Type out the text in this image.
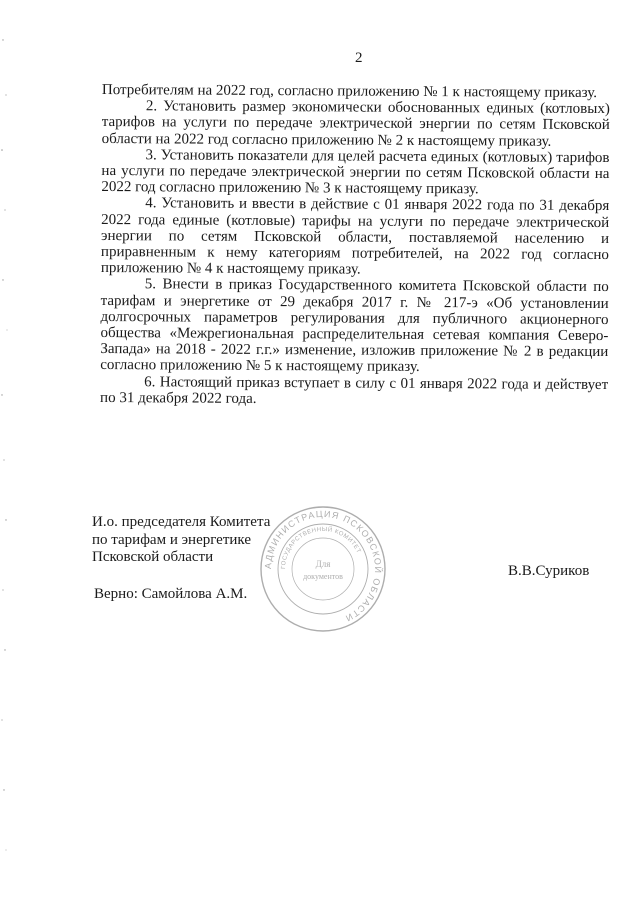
2

Потребителям на 2022 год, согласно приложению № 1 к настоящему приказу.

2. Установить размер экономически обоснованных единых (котловых) тарифов на услуги по передаче электрической энергии по сетям Псковской области на 2022 год согласно приложению № 2 к настоящему приказу.

3. Установить показатели для целей расчета единых (котловых) тарифов на услуги по передаче электрической энергии по сетям Псковской области на 2022 год согласно приложению № 3 к настоящему приказу.

4. Установить и ввести в действие с 01 января 2022 года по 31 декабря 2022 года единые (котловые) тарифы на услуги по передаче электрической энергии по сетям Псковской области, поставляемой населению и приравненным к нему категориям потребителей, на 2022 год согласно приложению № 4 к настоящему приказу.

5. Внести в приказ Государственного комитета Псковской области по тарифам и энергетике от 29 декабря 2017 г. № 217-э «Об установлении долгосрочных параметров регулирования для публичного акционерного общества «Межрегиональная распределительная сетевая компания Северо-Запада» на 2018 - 2022 г.г.» изменение, изложив приложение № 2 в редакции согласно приложению № 5 к настоящему приказу.

6. Настоящий приказ вступает в силу с 01 января 2022 года и действует по 31 декабря 2022 года.

И.о. председателя Комитета
по тарифам и энергетике
Псковской области
В.В.Суриков
Верно: Самойлова А.М.
АДМИНИСТРАЦИЯ ПСКОВСКОЙ ОБЛАСТИ
ГОСУДАРСТВЕННЫЙ КОМИТЕТ
Для
документов
